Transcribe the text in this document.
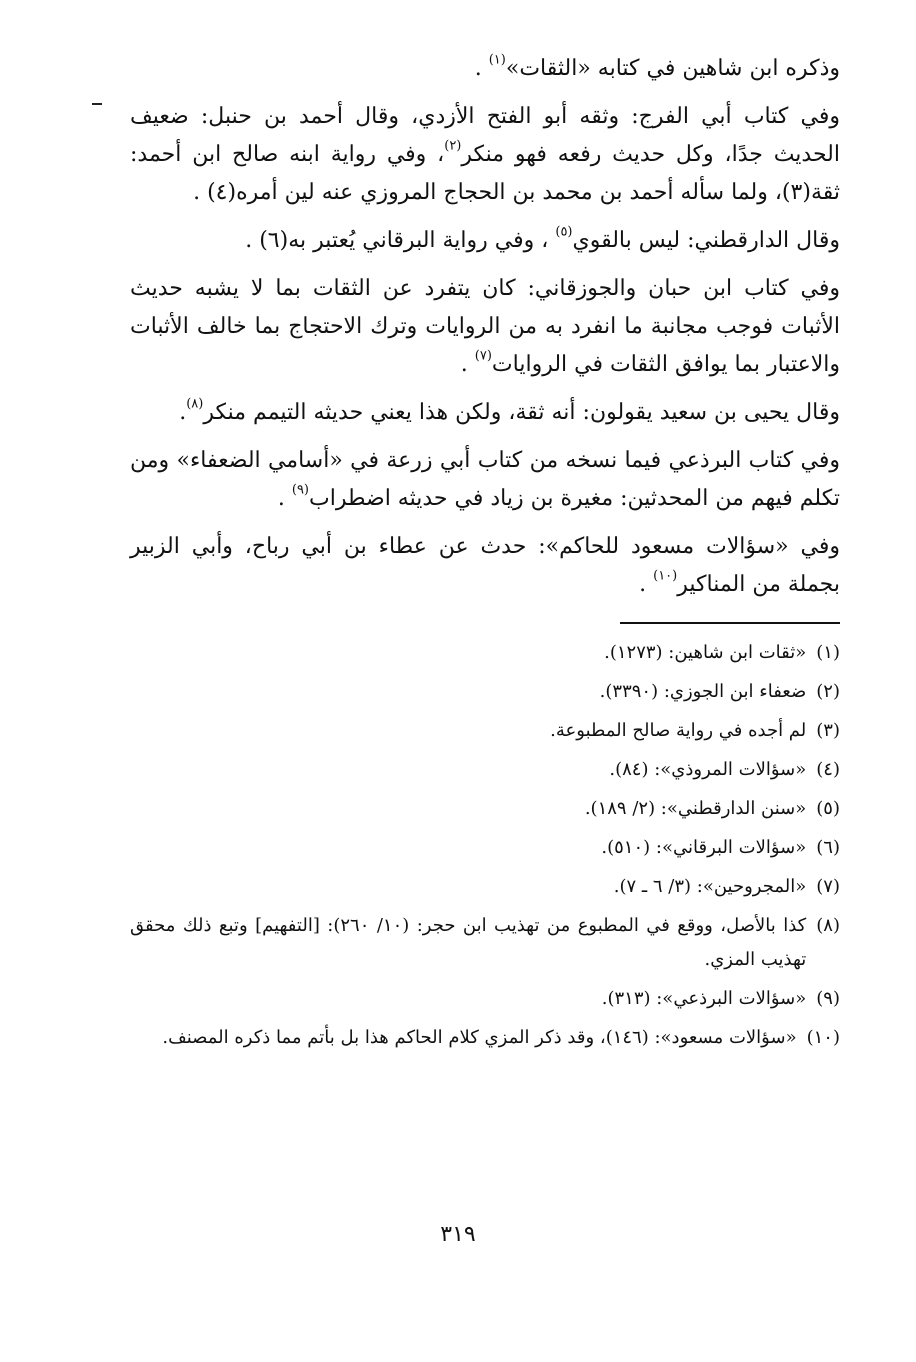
وذكره ابن شاهين في كتابه «الثقات»$^{(١)}$ .

وفي كتاب أبي الفرج: وثقه أبو الفتح الأزدي، وقال أحمد بن حنبل: ضعيف الحديث جدًا، وكل حديث رفعه فهو منكر$^{(٢)}$، وفي رواية ابنه صالح ابن أحمد: ثقة(٣)، ولما سأله أحمد بن محمد بن الحجاج المروزي عنه لين أمره(٤) .

وقال الدارقطني: ليس بالقوي$^{(٥)}$ ، وفي رواية البرقاني يُعتبر به(٦) .

وفي كتاب ابن حبان والجوزقاني: كان يتفرد عن الثقات بما لا يشبه حديث الأثبات فوجب مجانبة ما انفرد به من الروايات وترك الاحتجاج بما خالف الأثبات والاعتبار بما يوافق الثقات في الروايات$^{(٧)}$ .

وقال يحيى بن سعيد يقولون: أنه ثقة، ولكن هذا يعني حديثه التيمم منكر$^{(٨)}$.

وفي كتاب البرذعي فيما نسخه من كتاب أبي زرعة في «أسامي الضعفاء» ومن تكلم فيهم من المحدثين: مغيرة بن زياد في حديثه اضطراب$^{(٩)}$ .

وفي «سؤالات مسعود للحاكم»: حدث عن عطاء بن أبي رباح، وأبي الزبير بجملة من المناكير$^{(١٠)}$ .

(١)
«ثقات ابن شاهين: (١٢٧٣).
(٢)
ضعفاء ابن الجوزي: (٣٣٩٠).
(٣)
لم أجده في رواية صالح المطبوعة.
(٤)
«سؤالات المروذي»: (٨٤).
(٥)
«سنن الدارقطني»: (٢/ ١٨٩).
(٦)
«سؤالات البرقاني»: (٥١٠).
(٧)
«المجروحين»: (٣/ ٦ ـ ٧).
(٨)
كذا بالأصل، ووقع في المطبوع من تهذيب ابن حجر: (١٠/ ٢٦٠): [التفهيم] وتبع ذلك محقق تهذيب المزي.
(٩)
«سؤالات البرذعي»: (٣١٣).
(١٠)
«سؤالات مسعود»: (١٤٦)، وقد ذكر المزي كلام الحاكم هذا بل بأتم مما ذكره المصنف.
٣١٩
